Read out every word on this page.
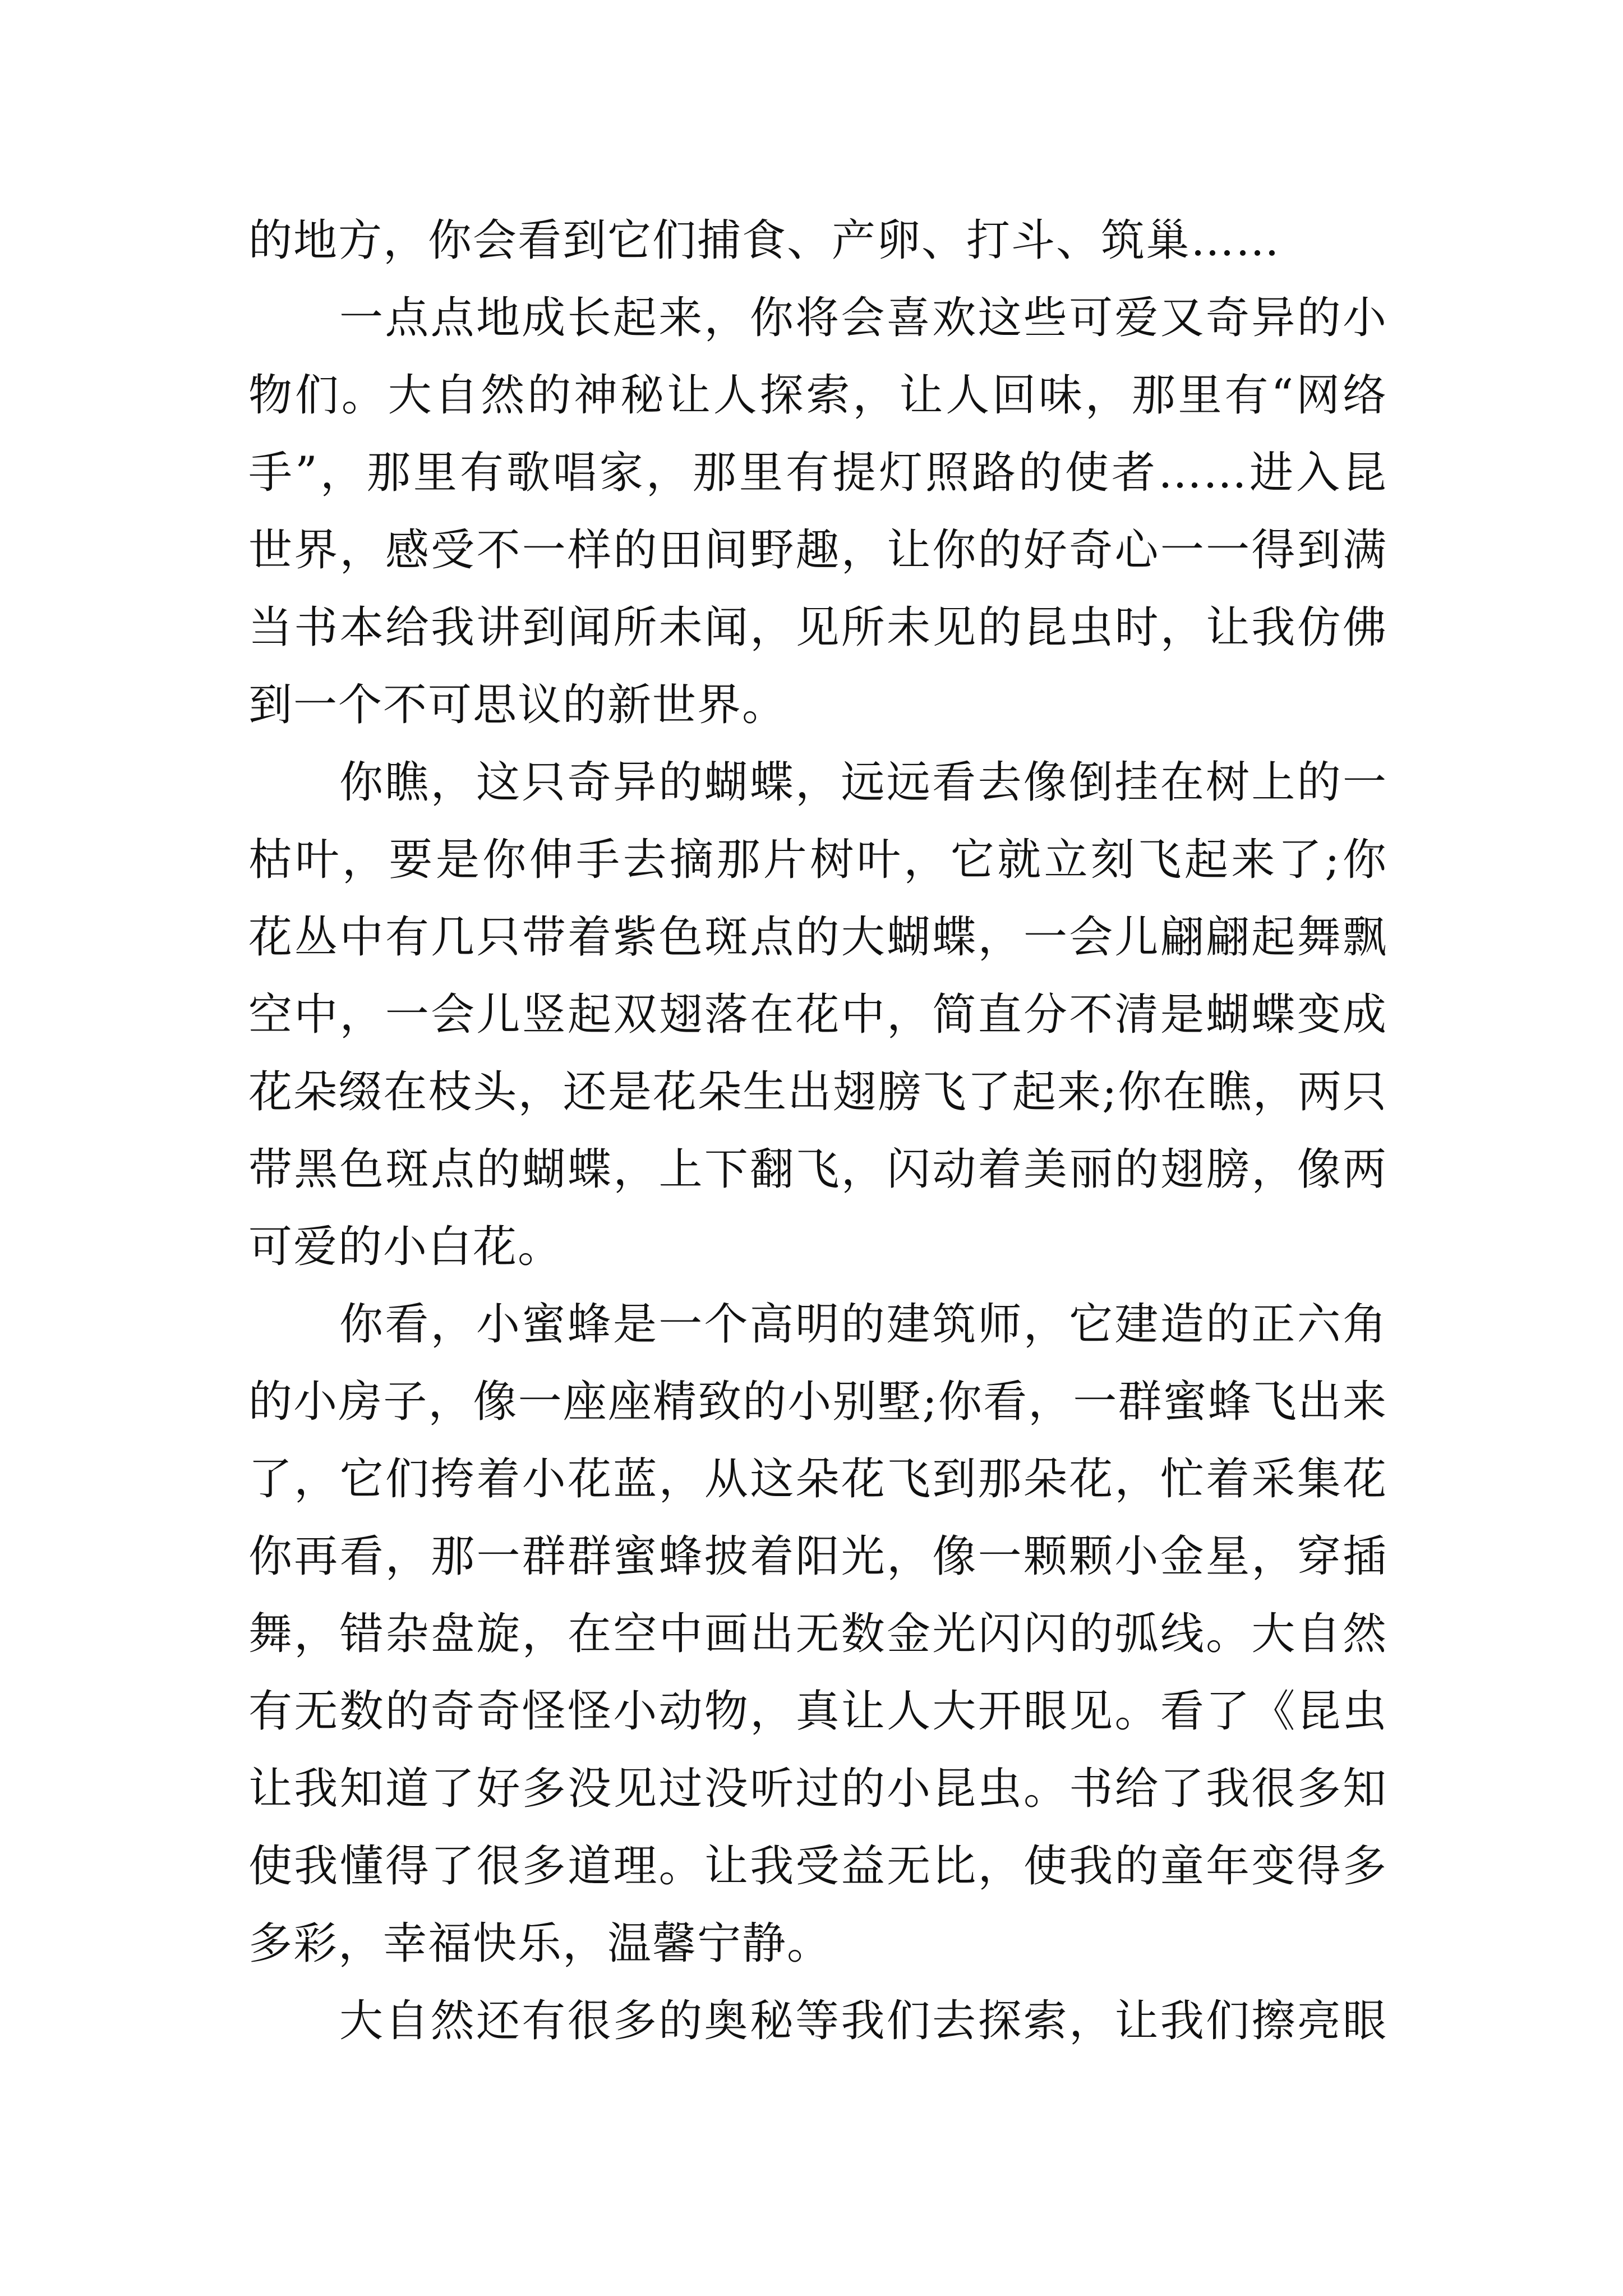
的地方，你会看到它们捕食、产卵、打斗、筑巢……
一点点地成长起来，你将会喜欢这些可爱又奇异的小
物们。大自然的神秘让人探索，让人回味，那里有“网络
手”，那里有歌唱家，那里有提灯照路的使者……进入昆
世界，感受不一样的田间野趣，让你的好奇心一一得到满
当书本给我讲到闻所未闻，见所未见的昆虫时，让我仿佛
到一个不可思议的新世界。
你瞧，这只奇异的蝴蝶，远远看去像倒挂在树上的一
枯叶，要是你伸手去摘那片树叶，它就立刻飞起来了;你
花丛中有几只带着紫色斑点的大蝴蝶，一会儿翩翩起舞飘
空中，一会儿竖起双翅落在花中，简直分不清是蝴蝶变成
花朵缀在枝头，还是花朵生出翅膀飞了起来;你在瞧，两只
带黑色斑点的蝴蝶，上下翻飞，闪动着美丽的翅膀，像两
可爱的小白花。
你看，小蜜蜂是一个高明的建筑师，它建造的正六角
的小房子，像一座座精致的小别墅;你看，一群蜜蜂飞出来
了，它们挎着小花蓝，从这朵花飞到那朵花，忙着采集花
你再看，那一群群蜜蜂披着阳光，像一颗颗小金星，穿插
舞，错杂盘旋，在空中画出无数金光闪闪的弧线。大自然
有无数的奇奇怪怪小动物，真让人大开眼见。看了《昆虫
让我知道了好多没见过没听过的小昆虫。书给了我很多知
使我懂得了很多道理。让我受益无比，使我的童年变得多
多彩，幸福快乐，温馨宁静。
大自然还有很多的奥秘等我们去探索，让我们擦亮眼
